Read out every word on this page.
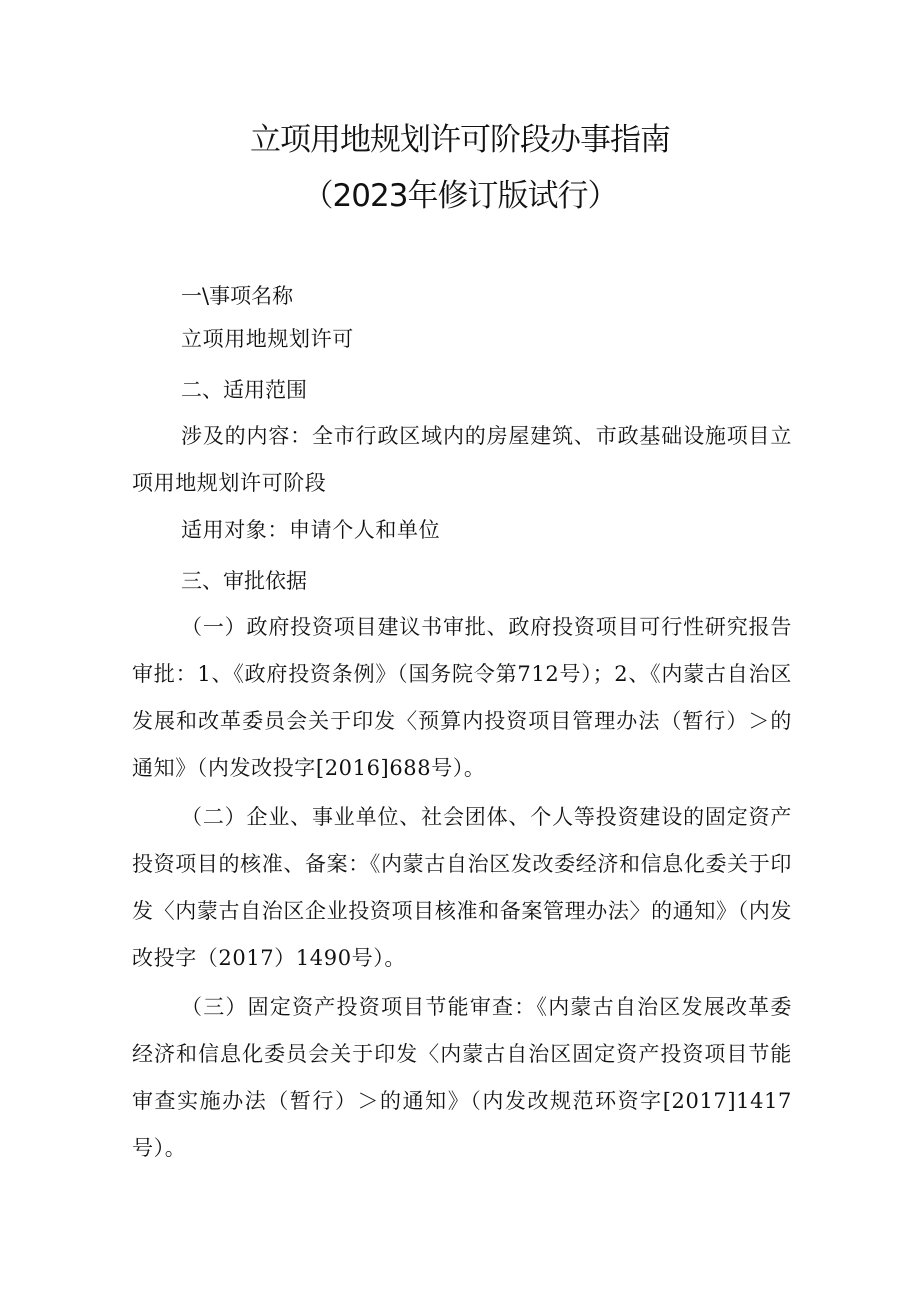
立项用地规划许可阶段办事指南
（2023年修订版试行）
一\事项名称
立项用地规划许可
二、适用范围
涉及的内容：全市行政区域内的房屋建筑、市政基础设施项目立项用地规划许可阶段
适用对象：申请个人和单位
三、审批依据
（一）政府投资项目建议书审批、政府投资项目可行性研究报告审批：1、《政府投资条例》（国务院令第712号）；2、《内蒙古自治区发展和改革委员会关于印发〈预算内投资项目管理办法（暂行）＞的通知》（内发改投字[2016]688号）。
（二）企业、事业单位、社会团体、个人等投资建设的固定资产投资项目的核准、备案：《内蒙古自治区发改委经济和信息化委关于印发〈内蒙古自治区企业投资项目核准和备案管理办法〉的通知》（内发改投字（2017）1490号）。
（三）固定资产投资项目节能审查：《内蒙古自治区发展改革委经济和信息化委员会关于印发〈内蒙古自治区固定资产投资项目节能审查实施办法（暂行）＞的通知》（内发改规范环资字[2017]1417号）。
